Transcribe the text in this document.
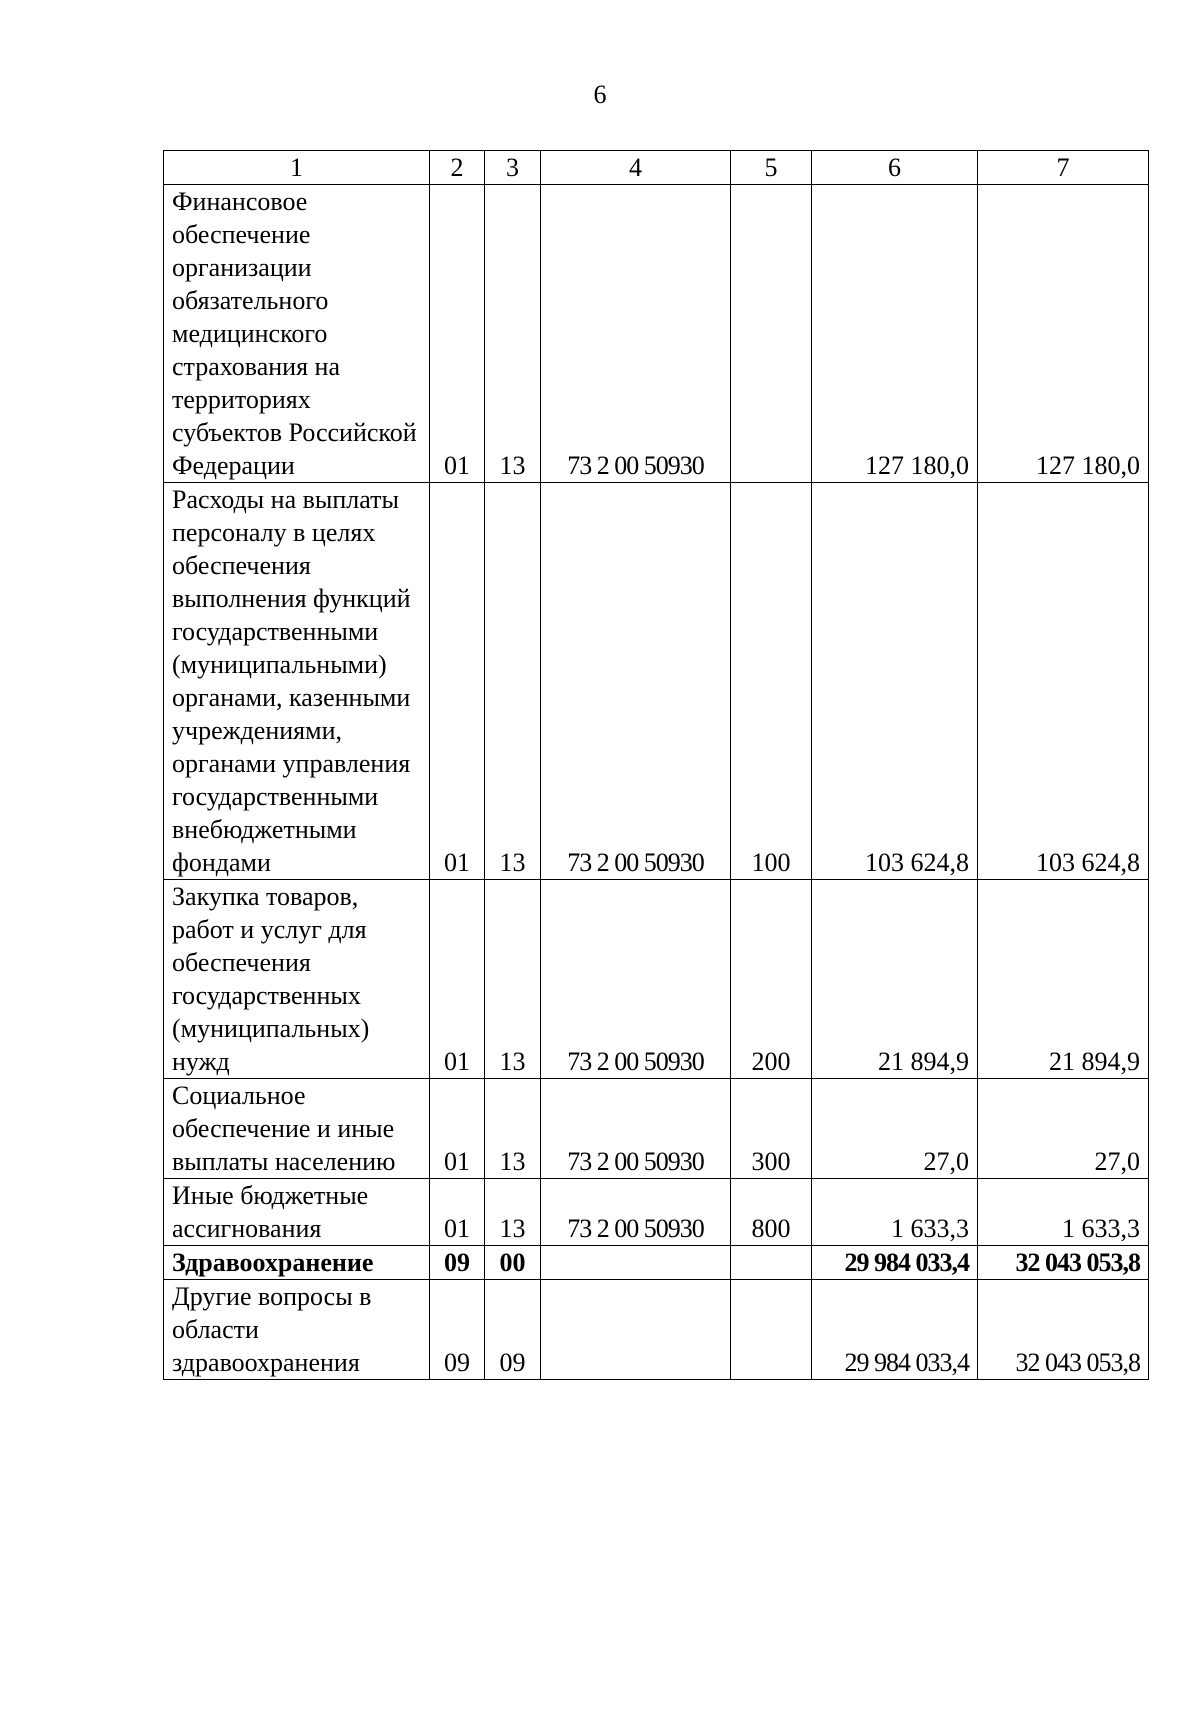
6
1	2	3	4	5	6	7
Финансовое обеспечение организации обязательного медицинского страхования на территориях субъектов Российской Федерации	01	13	73 2 00 50930		127 180,0	127 180,0
Расходы на выплаты персоналу в целях обеспечения выполнения функций государственными (муниципальными) органами, казенными учреждениями, органами управления государственными внебюджетными фондами	01	13	73 2 00 50930	100	103 624,8	103 624,8
Закупка товаров, работ и услуг для обеспечения государственных (муниципальных) нужд	01	13	73 2 00 50930	200	21 894,9	21 894,9
Социальное обеспечение и иные выплаты населению	01	13	73 2 00 50930	300	27,0	27,0
Иные бюджетные ассигнования	01	13	73 2 00 50930	800	1 633,3	1 633,3
Здравоохранение	09	00			29 984 033,4	32 043 053,8
Другие вопросы в области здравоохранения	09	09			29 984 033,4	32 043 053,8
